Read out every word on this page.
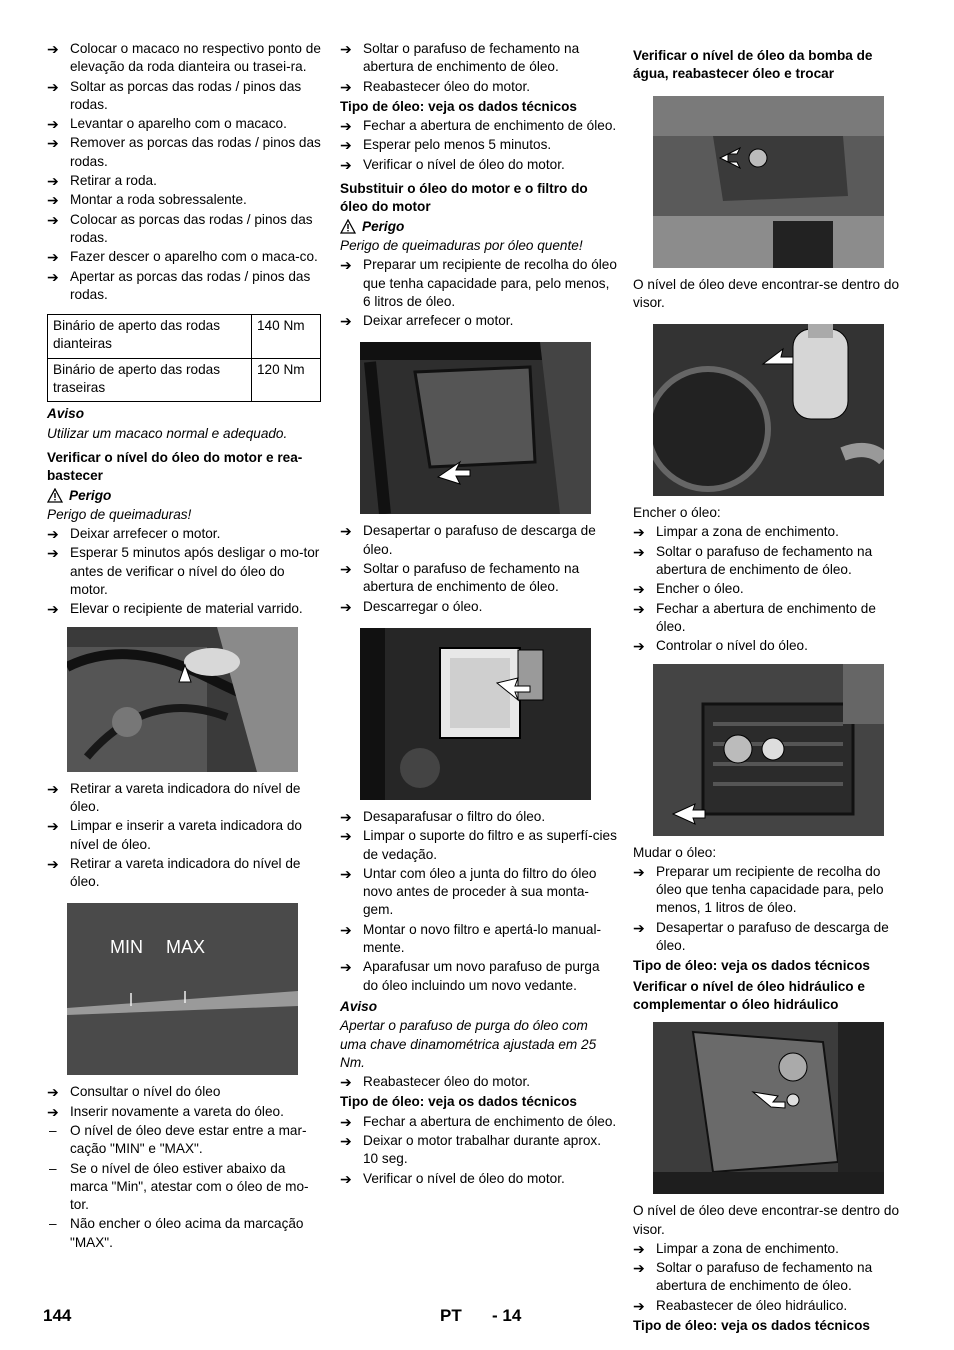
➔ Colocar o macaco no respectivo ponto de elevação da roda dianteira ou trasei-ra.
➔ Soltar as porcas das rodas / pinos das rodas.
➔ Levantar o aparelho com o macaco.
➔ Remover as porcas das rodas / pinos das rodas.
➔ Retirar a roda.
➔ Montar a roda sobressalente.
➔ Colocar as porcas das rodas / pinos das rodas.
➔ Fazer descer o aparelho com o maca-co.
➔ Apertar as porcas das rodas / pinos das rodas.
Binário de aperto das rodas dianteiras	140 Nm
Binário de aperto das rodas traseiras	120 Nm
Aviso
Utilizar um macaco normal e adequado.
Verificar o nível do óleo do motor e rea-bastecer
Perigo
Perigo de queimaduras!
➔ Deixar arrefecer o motor.
➔ Esperar 5 minutos após desligar o mo-tor antes de verificar o nível do óleo do motor.
➔ Elevar o recipiente de material varrido.
➔ Retirar a vareta indicadora do nível de óleo.
➔ Limpar e inserir a vareta indicadora do nível de óleo.
➔ Retirar a vareta indicadora do nível de óleo.
MIN MAX
➔ Consultar o nível do óleo
➔ Inserir novamente a vareta do óleo.
– O nível de óleo deve estar entre a mar-cação "MIN" e "MAX".
– Se o nível de óleo estiver abaixo da marca "Min", atestar com o óleo de mo-tor.
– Não encher o óleo acima da marcação "MAX".
➔ Soltar o parafuso de fechamento na abertura de enchimento de óleo.
➔ Reabastecer óleo do motor.
Tipo de óleo: veja os dados técnicos
➔ Fechar a abertura de enchimento de óleo.
➔ Esperar pelo menos 5 minutos.
➔ Verificar o nível de óleo do motor.
Substituir o óleo do motor e o filtro do óleo do motor
Perigo
Perigo de queimaduras por óleo quente!
➔ Preparar um recipiente de recolha do óleo que tenha capacidade para, pelo menos, 6 litros de óleo.
➔ Deixar arrefecer o motor.
➔ Desapertar o parafuso de descarga de óleo.
➔ Soltar o parafuso de fechamento na abertura de enchimento de óleo.
➔ Descarregar o óleo.
➔ Desaparafusar o filtro do óleo.
➔ Limpar o suporte do filtro e as superfí-cies de vedação.
➔ Untar com óleo a junta do filtro do óleo novo antes de proceder à sua monta-gem.
➔ Montar o novo filtro e apertá-lo manual-mente.
➔ Aparafusar um novo parafuso de purga do óleo incluindo um novo vedante.
Aviso
Apertar o parafuso de purga do óleo com uma chave dinamométrica ajustada em 25 Nm.
➔ Reabastecer óleo do motor.
Tipo de óleo: veja os dados técnicos
➔ Fechar a abertura de enchimento de óleo.
➔ Deixar o motor trabalhar durante aprox. 10 seg.
➔ Verificar o nível de óleo do motor.
Verificar o nível de óleo da bomba de água, reabastecer óleo e trocar
O nível de óleo deve encontrar-se dentro do visor.
Encher o óleo:
➔ Limpar a zona de enchimento.
➔ Soltar o parafuso de fechamento na abertura de enchimento de óleo.
➔ Encher o óleo.
➔ Fechar a abertura de enchimento de óleo.
➔ Controlar o nível do óleo.
Mudar o óleo:
➔ Preparar um recipiente de recolha do óleo que tenha capacidade para, pelo menos, 1 litros de óleo.
➔ Desapertar o parafuso de descarga de óleo.
Tipo de óleo: veja os dados técnicos
Verificar o nível de óleo hidráulico e complementar o óleo hidráulico
O nível de óleo deve encontrar-se dentro do visor.
➔ Limpar a zona de enchimento.
➔ Soltar o parafuso de fechamento na abertura de enchimento de óleo.
➔ Reabastecer de óleo hidráulico.
Tipo de óleo: veja os dados técnicos
144	PT - 14
